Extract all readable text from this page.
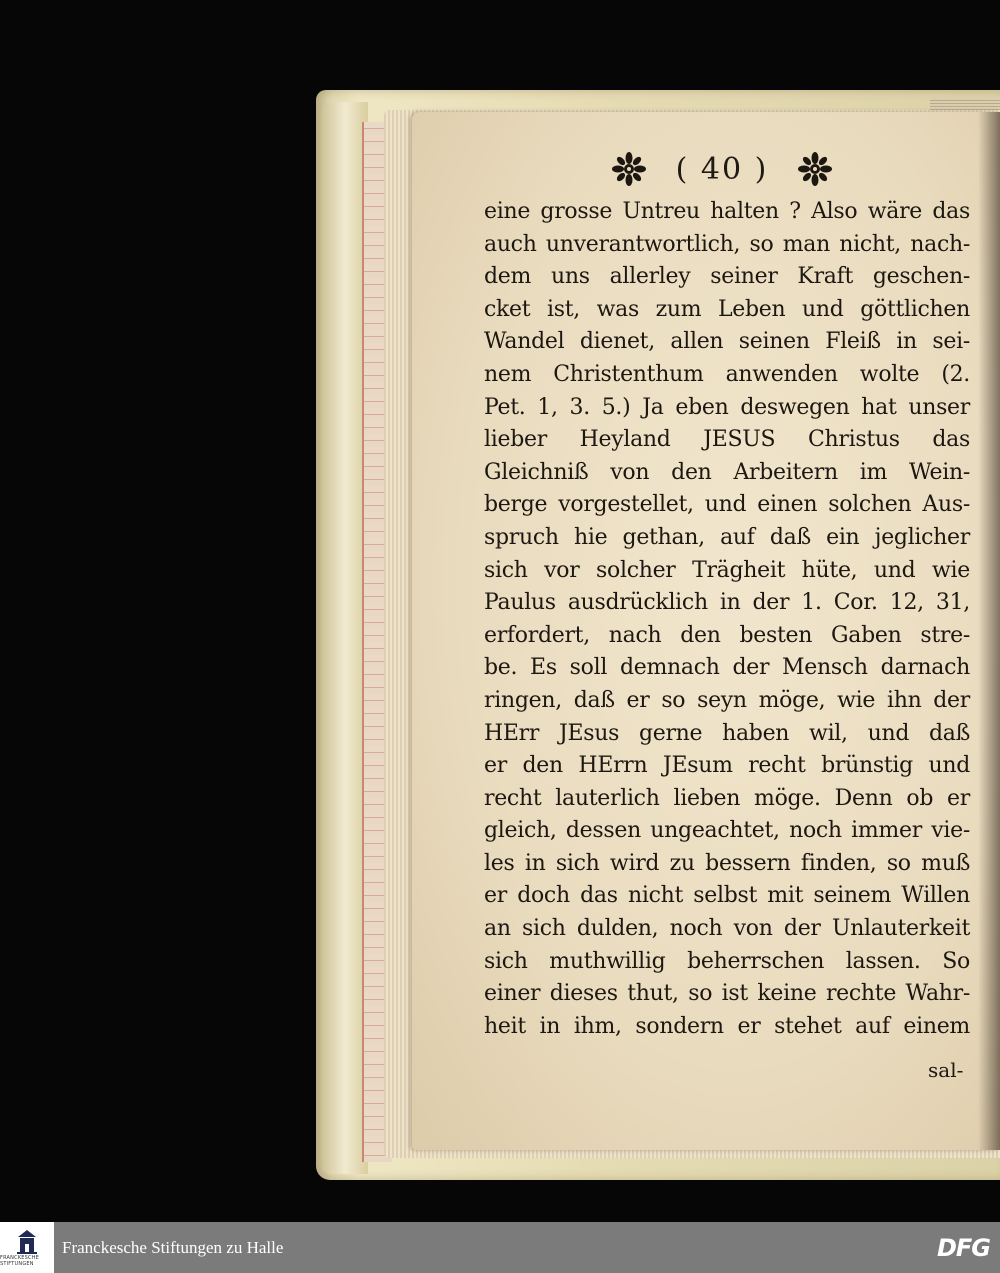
( 40 )
eine grosse Untreu halten ? Also wäre das
auch unverantwortlich, so man nicht, nach-
dem uns allerley seiner Kraft geschen-
cket ist, was zum Leben und göttlichen
Wandel dienet, allen seinen Fleiß in sei-
nem Christenthum anwenden wolte (2.
Pet. 1, 3. 5.) Ja eben deswegen hat unser
lieber Heyland JESUS Christus das
Gleichniß von den Arbeitern im Wein-
berge vorgestellet, und einen solchen Aus-
spruch hie gethan, auf daß ein jeglicher
sich vor solcher Trägheit hüte, und wie
Paulus ausdrücklich in der 1. Cor. 12, 31,
erfordert, nach den besten Gaben stre-
be. Es soll demnach der Mensch darnach
ringen, daß er so seyn möge, wie ihn der
HErr JEsus gerne haben wil, und daß
er den HErrn JEsum recht brünstig und
recht lauterlich lieben möge. Denn ob er
gleich, dessen ungeachtet, noch immer vie-
les in sich wird zu bessern finden, so muß
er doch das nicht selbst mit seinem Willen
an sich dulden, noch von der Unlauterkeit
sich muthwillig beherrschen lassen. So
einer dieses thut, so ist keine rechte Wahr-
heit in ihm, sondern er stehet auf einem
sal-
FRANCKESCHE STIFTUNGEN
Franckesche Stiftungen zu Halle	DFG
